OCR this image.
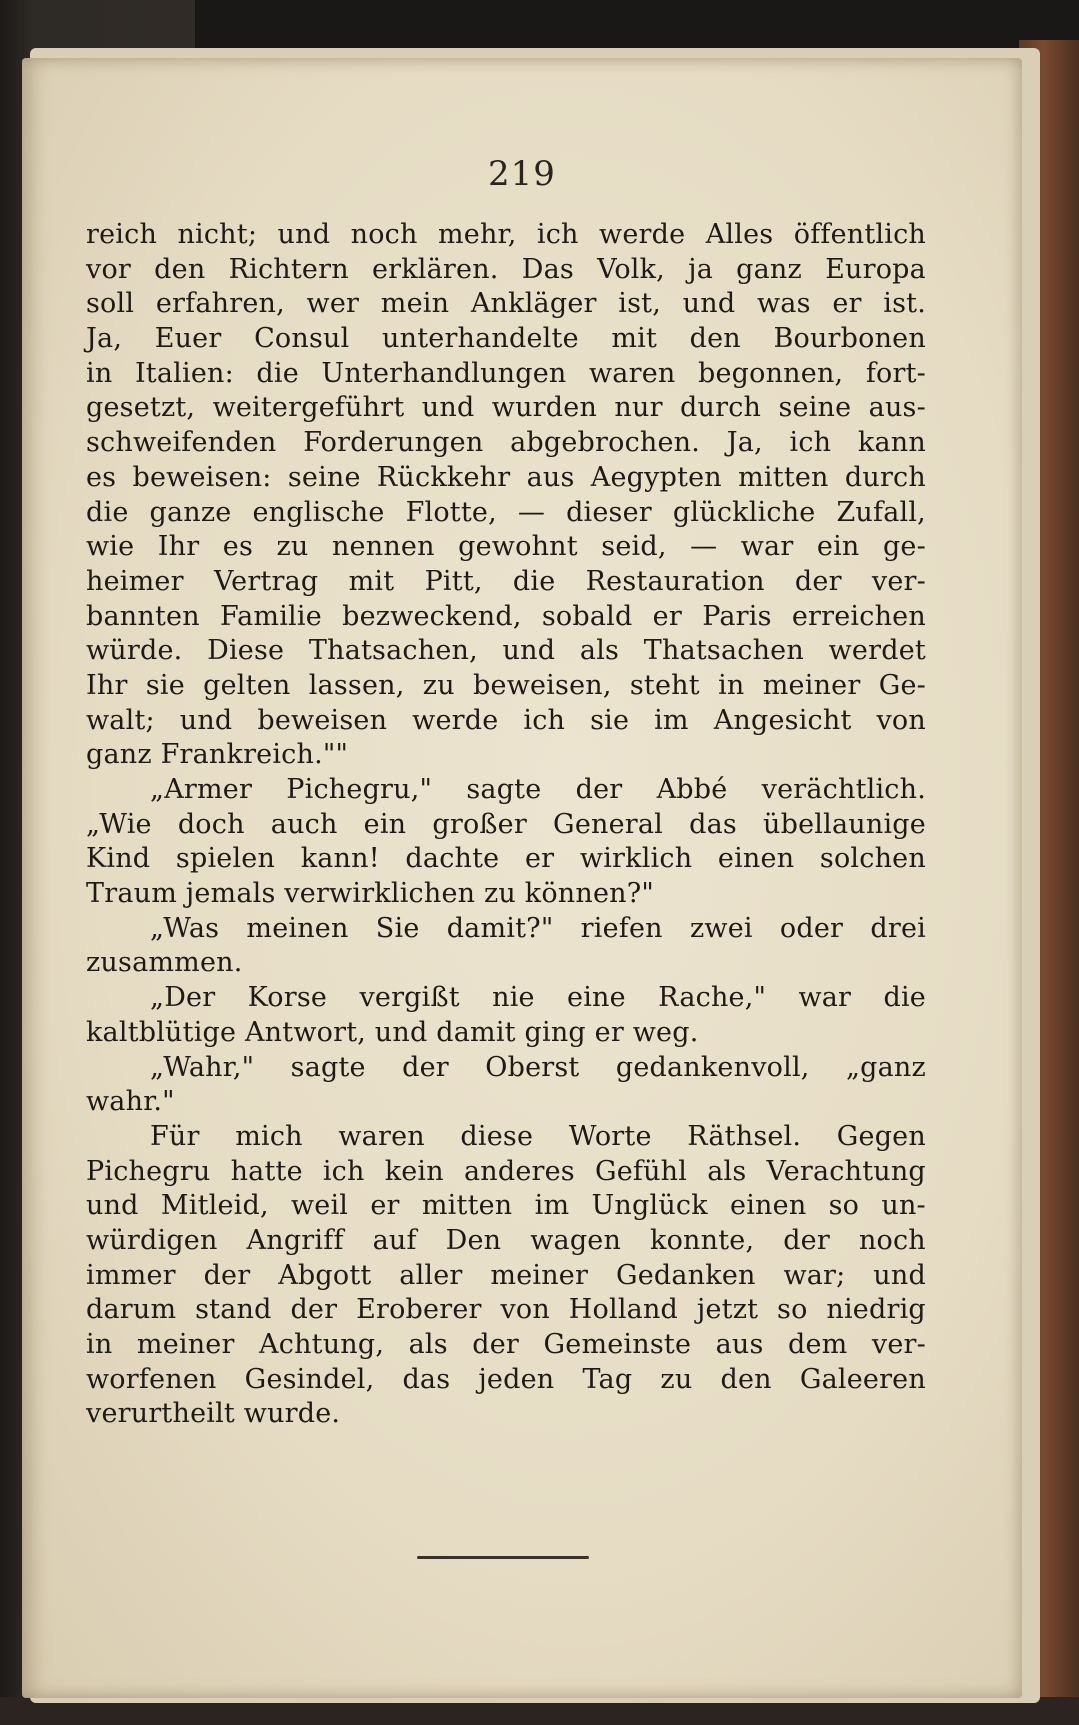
219
reich nicht; und noch mehr, ich werde Alles öffentlich
vor den Richtern erklären. Das Volk, ja ganz Europa
soll erfahren, wer mein Ankläger ist, und was er ist.
Ja, Euer Consul unterhandelte mit den Bourbonen
in Italien: die Unterhandlungen waren begonnen, fort-
gesetzt, weitergeführt und wurden nur durch seine aus-
schweifenden Forderungen abgebrochen. Ja, ich kann
es beweisen: seine Rückkehr aus Aegypten mitten durch
die ganze englische Flotte, — dieser glückliche Zufall,
wie Ihr es zu nennen gewohnt seid, — war ein ge-
heimer Vertrag mit Pitt, die Restauration der ver-
bannten Familie bezweckend, sobald er Paris erreichen
würde. Diese Thatsachen, und als Thatsachen werdet
Ihr sie gelten lassen, zu beweisen, steht in meiner Ge-
walt; und beweisen werde ich sie im Angesicht von
ganz Frankreich.""
„Armer Pichegru," sagte der Abbé verächtlich.
„Wie doch auch ein großer General das übellaunige
Kind spielen kann! dachte er wirklich einen solchen
Traum jemals verwirklichen zu können?"
„Was meinen Sie damit?" riefen zwei oder drei
zusammen.
„Der Korse vergißt nie eine Rache," war die
kaltblütige Antwort, und damit ging er weg.
„Wahr," sagte der Oberst gedankenvoll, „ganz
wahr."
Für mich waren diese Worte Räthsel. Gegen
Pichegru hatte ich kein anderes Gefühl als Verachtung
und Mitleid, weil er mitten im Unglück einen so un-
würdigen Angriff auf Den wagen konnte, der noch
immer der Abgott aller meiner Gedanken war; und
darum stand der Eroberer von Holland jetzt so niedrig
in meiner Achtung, als der Gemeinste aus dem ver-
worfenen Gesindel, das jeden Tag zu den Galeeren
verurtheilt wurde.
